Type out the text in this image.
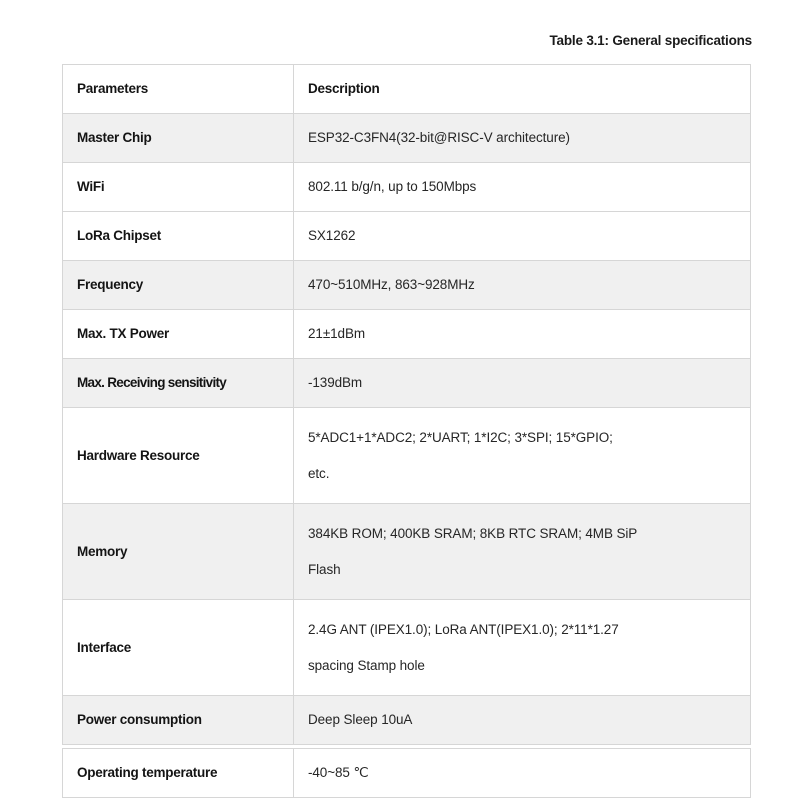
Table 3.1: General specifications
Parameters	Description
Master Chip	ESP32-C3FN4(32-bit@RISC-V architecture)

WiFi	802.11 b/g/n, up to 150Mbps

LoRa Chipset	SX1262

Frequency	470~510MHz, 863~928MHz

Max. TX Power	21±1dBm

Max. Receiving sensitivity	-139dBm

Hardware Resource	5*ADC1+1*ADC2; 2*UART; 1*I2C; 3*SPI; 15*GPIO;
etc.

Memory	384KB ROM; 400KB SRAM; 8KB RTC SRAM; 4MB SiP
Flash

Interface	2.4G ANT (IPEX1.0); LoRa ANT(IPEX1.0); 2*11*1.27
spacing Stamp hole

Power consumption	Deep Sleep 10uA
Operating temperature	-40~85 ℃
